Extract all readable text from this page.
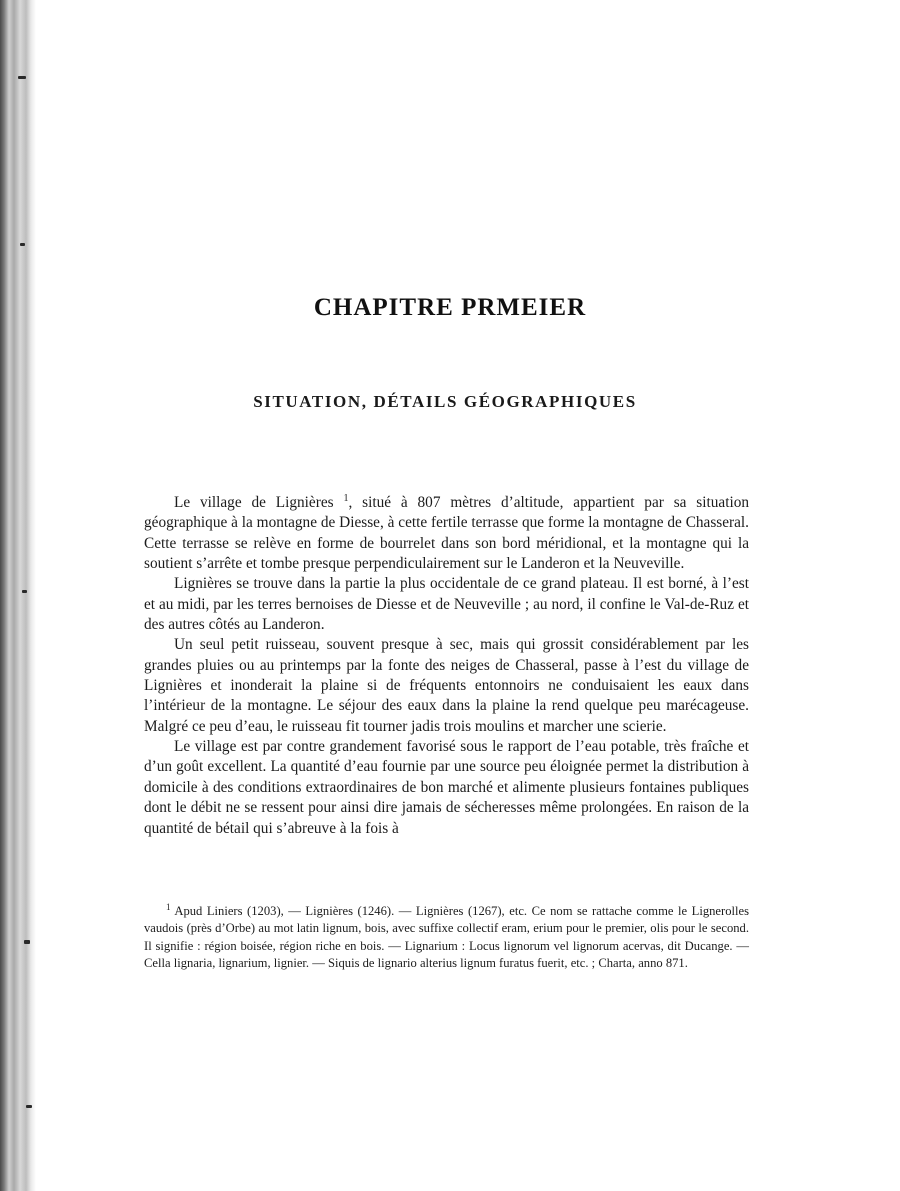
CHAPITRE PRMEIER
SITUATION, DÉTAILS GÉOGRAPHIQUES

Le village de Lignières $^1$, situé à 807 mètres d’altitude, appartient par sa situation géographique à la montagne de Diesse, à cette fertile terrasse que forme la montagne de Chasseral. Cette terrasse se relève en forme de bourrelet dans son bord méridional, et la montagne qui la soutient s’arrête et tombe presque perpendiculairement sur le Landeron et la Neuveville.

Lignières se trouve dans la partie la plus occidentale de ce grand plateau. Il est borné, à l’est et au midi, par les terres bernoises de Diesse et de Neuveville ; au nord, il confine le Val-de-Ruz et des autres côtés au Landeron.

Un seul petit ruisseau, souvent presque à sec, mais qui grossit considérablement par les grandes pluies ou au printemps par la fonte des neiges de Chasseral, passe à l’est du village de Lignières et inonderait la plaine si de fréquents entonnoirs ne conduisaient les eaux dans l’intérieur de la montagne. Le séjour des eaux dans la plaine la rend quelque peu marécageuse. Malgré ce peu d’eau, le ruisseau fit tourner jadis trois moulins et marcher une scierie.

Le village est par contre grandement favorisé sous le rapport de l’eau potable, très fraîche et d’un goût excellent. La quantité d’eau fournie par une source peu éloignée permet la distribution à domicile à des conditions extraordinaires de bon marché et alimente plusieurs fontaines publiques dont le débit ne se ressent pour ainsi dire jamais de sécheresses même prolongées. En raison de la quantité de bétail qui s’abreuve à la fois à

$^1$ Apud Liniers (1203), — Lignières (1246). — Lignières (1267), etc. Ce nom se rattache comme le Lignerolles vaudois (près d’Orbe) au mot latin lignum, bois, avec suffixe collectif eram, erium pour le premier, olis pour le second. Il signifie : région boisée, région riche en bois. — Lignarium : Locus lignorum vel lignorum acervas, dit Ducange. — Cella lignaria, lignarium, lignier. — Siquis de lignario alterius lignum furatus fuerit, etc. ; Charta, anno 871.
